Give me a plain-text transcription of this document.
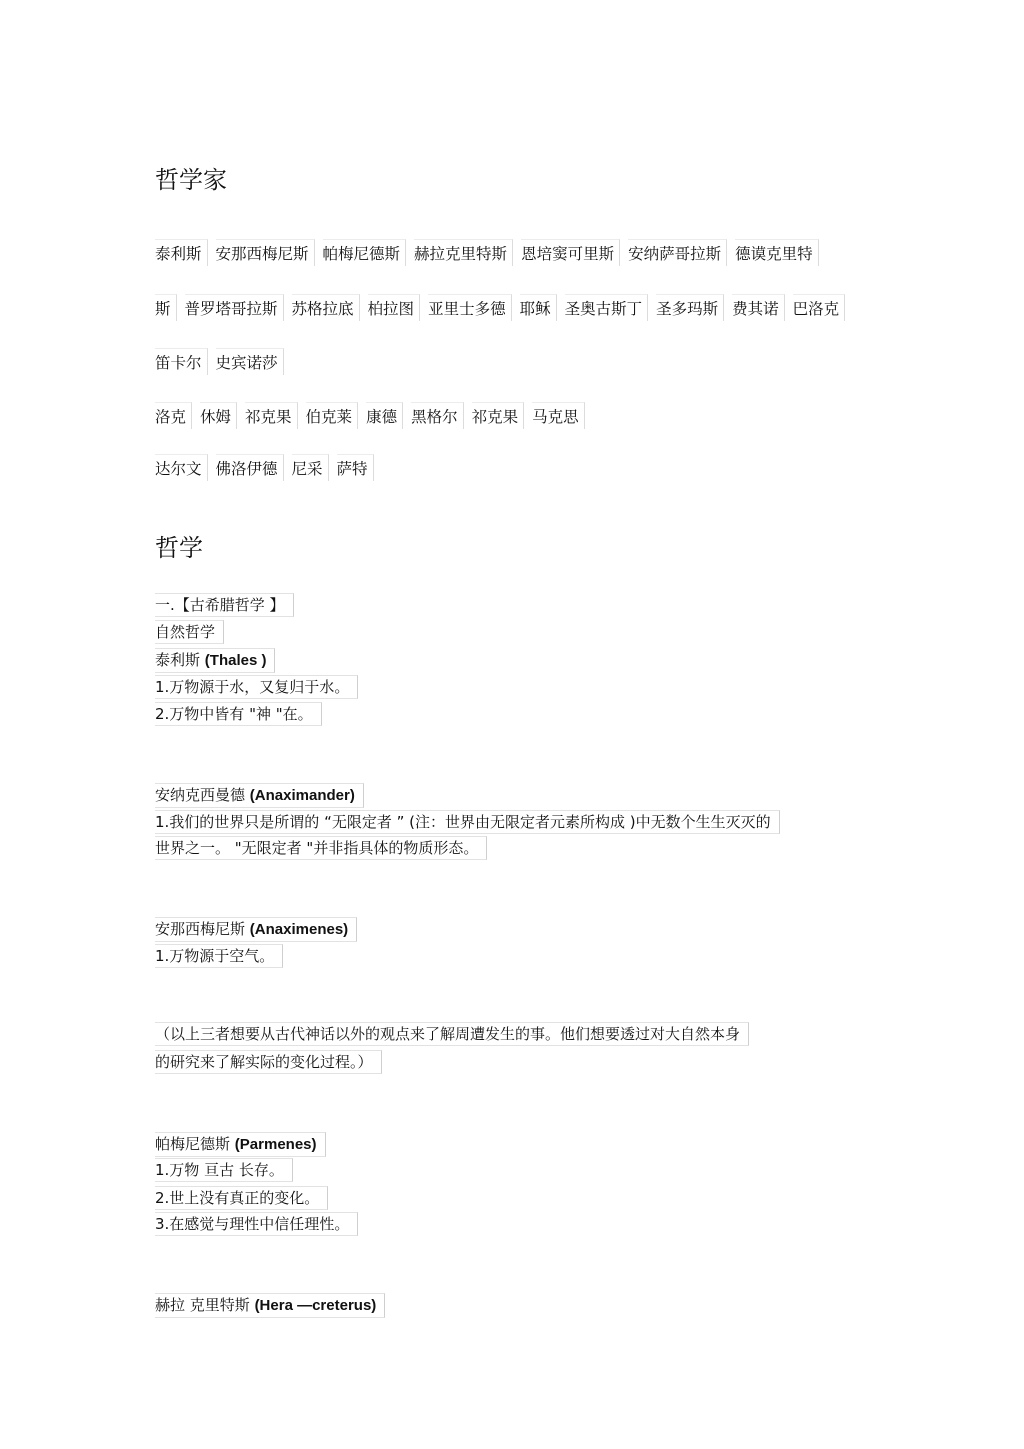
哲学家
泰利斯 安那西梅尼斯 帕梅尼德斯 赫拉克里特斯 恩培窦可里斯 安纳萨哥拉斯 德谟克里特
斯 普罗塔哥拉斯 苏格拉底 柏拉图 亚里士多德 耶稣 圣奥古斯丁 圣多玛斯 费其诺 巴洛克
笛卡尔 史宾诺莎
洛克 休姆 祁克果 伯克莱 康德 黑格尔 祁克果 马克思
达尔文 佛洛伊德 尼采 萨特
哲学
一.【古希腊哲学 】
自然哲学
泰利斯 (Thales )
1.万物源于水，又复归于水。
2.万物中皆有 "神 "在。
安纳克西曼德 (Anaximander)
1.我们的世界只是所谓的 “无限定者 ” (注：世界由无限定者元素所构成 )中无数个生生灭灭的
世界之一。 "无限定者 "并非指具体的物质形态。
安那西梅尼斯 (Anaximenes)
1.万物源于空气。
（以上三者想要从古代神话以外的观点来了解周遭发生的事。他们想要透过对大自然本身
的研究来了解实际的变化过程。）
帕梅尼德斯 (Parmenes)
1.万物 亘古 长存。
2.世上没有真正的变化。
3.在感觉与理性中信任理性。
赫拉 克里特斯 (Hera —creterus)
